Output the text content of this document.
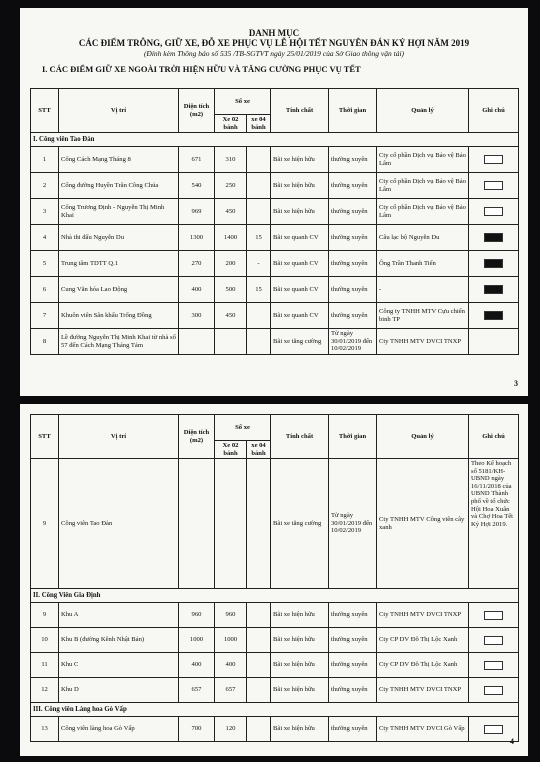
DANH MỤC
CÁC ĐIỂM TRÔNG, GIỮ XE, ĐỖ XE PHỤC VỤ LỄ HỘI TẾT NGUYÊN ĐÁN KỶ HỢI NĂM 2019
(Đính kèm Thông báo số 535 /TB-SGTVT ngày 25/01/2019 của Sở Giao thông vận tải)
I. CÁC ĐIỂM GIỮ XE NGOÀI TRỜI HIỆN HỮU VÀ TĂNG CƯỜNG PHỤC VỤ TẾT
STT	Vị trí	Diện tích (m2)	Số xe		Tính chất	Thời gian	Quản lý	Ghi chú
			Xe 02 bánh	xe 04 bánh				
I. Công viên Tao Đàn								
1	Cổng Cách Mạng Tháng 8	671	310		Bãi xe hiện hữu	thường xuyên	Cty cổ phần Dịch vụ Bảo vệ Bảo Lâm	
2	Cổng đường Huyền Trân Công Chúa	540	250		Bãi xe hiện hữu	thường xuyên	Cty cổ phần Dịch vụ Bảo vệ Bảo Lâm	
3	Cổng Trương Định - Nguyễn Thị Minh Khai	969	450		Bãi xe hiện hữu	thường xuyên	Cty cổ phần Dịch vụ Bảo vệ Bảo Lâm	
4	Nhà thi đấu Nguyễn Du	1300	1400	15	Bãi xe quanh CV	thường xuyên	Câu lạc bộ Nguyễn Du	
5	Trung tâm TDTT Q.1	270	200	-	Bãi xe quanh CV	thường xuyên	Ông Trần Thanh Tiến	
6	Cung Văn hóa Lao Động	400	500	15	Bãi xe quanh CV	thường xuyên	-	
7	Khuôn viên Sân khấu Trống Đồng	300	450		Bãi xe quanh CV	thường xuyên	Công ty TNHH MTV Cựu chiến binh TP	
8	Lề đường Nguyễn Thị Minh Khai từ nhà số 57 đến Cách Mạng Tháng Tám				Bãi xe tăng cường	Từ ngày 30/01/2019 đến 10/02/2019	Cty TNHH MTV DVCI TNXP	
3
STT	Vị trí	Diện tích (m2)	Số xe		Tính chất	Thời gian	Quản lý	Ghi chú
			Xe 02 bánh	xe 04 bánh				
9	Công viên Tao Đàn				Bãi xe tăng cường	Từ ngày 30/01/2019 đến 10/02/2019	Cty TNHH MTV Công viên cây xanh	Theo Kế hoạch số 5181/KH-UBND ngày 16/11/2018 của UBND Thành phố về tổ chức Hội Hoa Xuân và Chợ Hoa Tết Kỷ Hợi 2019.
II. Công Viên Gia Định								
9	Khu A	960	960		Bãi xe hiện hữu	thường xuyên	Cty TNHH MTV DVCI TNXP	
10	Khu B (đường Kênh Nhật Bản)	1000	1000		Bãi xe hiện hữu	thường xuyên	Cty CP DV Đô Thị Lộc Xanh	
11	Khu C	400	400		Bãi xe hiện hữu	thường xuyên	Cty CP DV Đô Thị Lộc Xanh	
12	Khu D	657	657		Bãi xe hiện hữu	thường xuyên	Cty TNHH MTV DVCI TNXP	
III. Công viên Làng hoa Gò Vấp								
13	Công viên làng hoa Gò Vấp	700	120		Bãi xe hiện hữu	thường xuyên	Cty TNHH MTV DVCI Gò Vấp	
4
